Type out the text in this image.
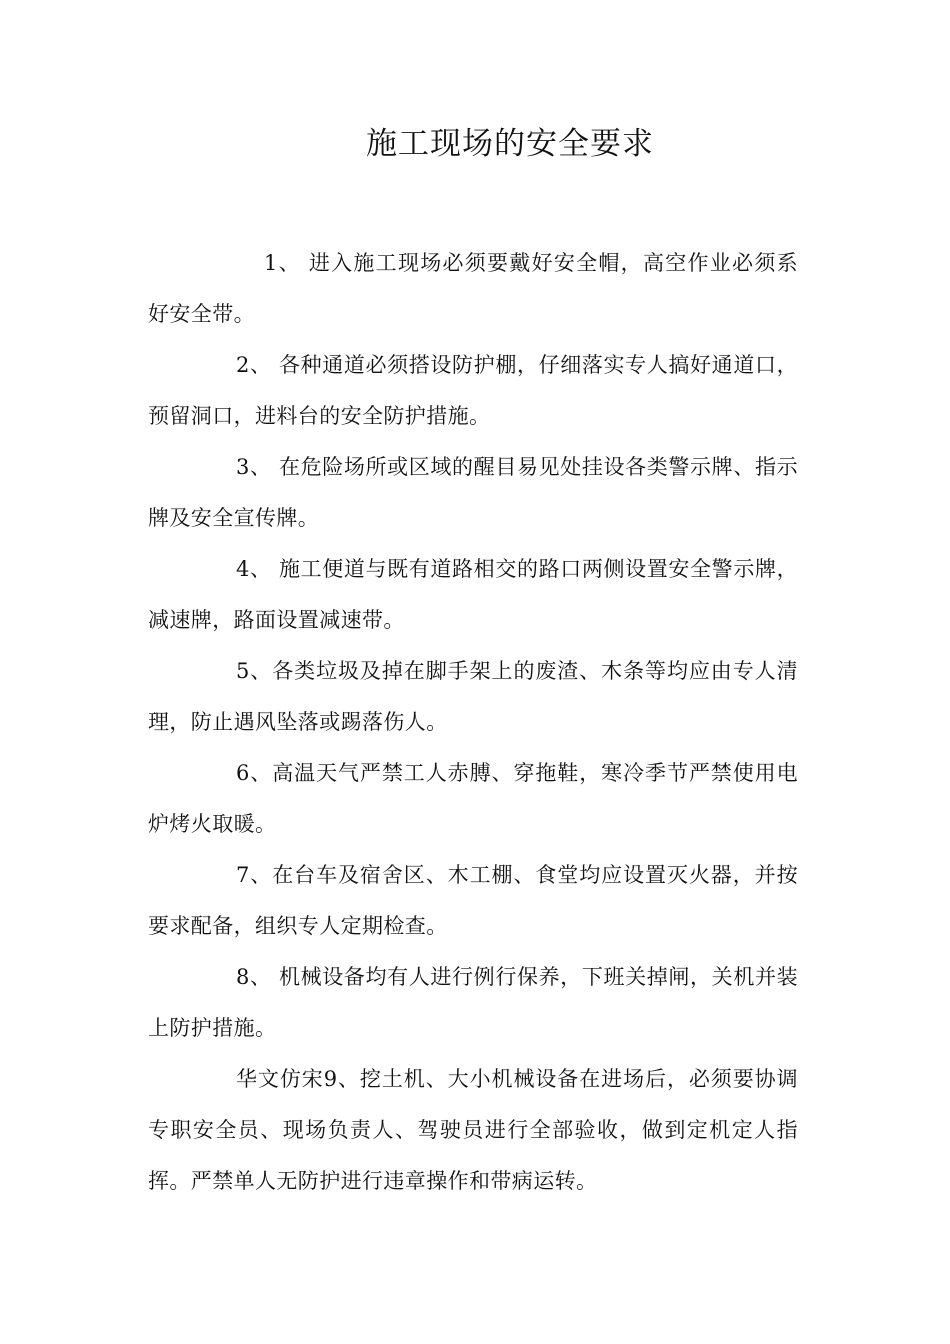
施工现场的安全要求

1、 进入施工现场必须要戴好安全帽，高空作业必须系好安全带。

2、 各种通道必须搭设防护棚，仔细落实专人搞好通道口，预留洞口，进料台的安全防护措施。

3、 在危险场所或区域的醒目易见处挂设各类警示牌、指示牌及安全宣传牌。

4、 施工便道与既有道路相交的路口两侧设置安全警示牌，减速牌，路面设置减速带。

5、各类垃圾及掉在脚手架上的废渣、木条等均应由专人清理，防止遇风坠落或踢落伤人。

6、高温天气严禁工人赤膊、穿拖鞋，寒冷季节严禁使用电炉烤火取暖。

7、在台车及宿舍区、木工棚、食堂均应设置灭火器，并按要求配备，组织专人定期检查。

8、 机械设备均有人进行例行保养，下班关掉闸，关机并装上防护措施。

华文仿宋9、挖土机、大小机械设备在进场后，必须要协调专职安全员、现场负责人、驾驶员进行全部验收，做到定机定人指挥。严禁单人无防护进行违章操作和带病运转。
